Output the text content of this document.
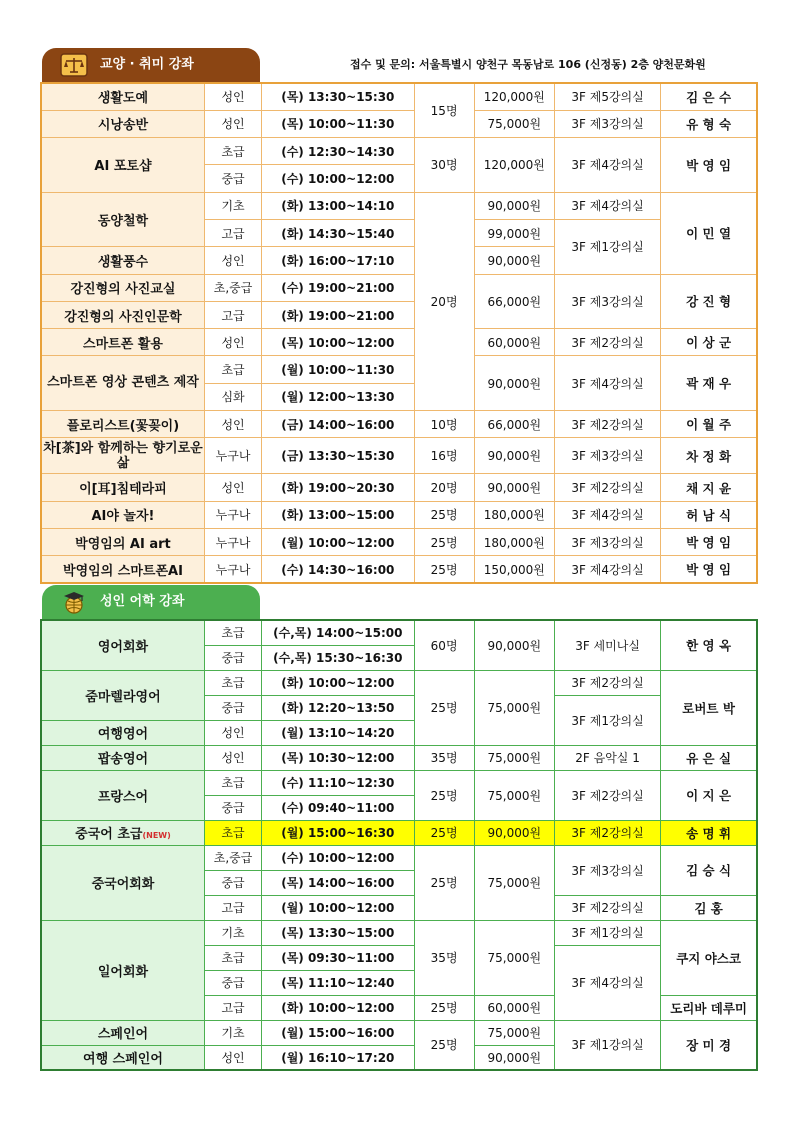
교양 · 취미 강좌	접수 및 문의: 서울특별시 양천구 목동남로 106 (신정동) 2층 양천문화원
생활도예	성인	(목) 13:30~15:30	15명	120,000원	3F 제5강의실	김 은 수
시낭송반	성인	(목) 10:00~11:30		75,000원	3F 제3강의실	유 형 숙
AI 포토샵	초급	(수) 12:30~14:30	30명	120,000원	3F 제4강의실	박 영 임
	중급	(수) 10:00~12:00				
동양철학	기초	(화) 13:00~14:10	20명	90,000원	3F 제4강의실	이 민 열
	고급	(화) 14:30~15:40		99,000원	3F 제1강의실	
생활풍수	성인	(화) 16:00~17:10		90,000원		
강진형의 사진교실	초,중급	(수) 19:00~21:00		66,000원	3F 제3강의실	강 진 형
강진형의 사진인문학	고급	(화) 19:00~21:00				
스마트폰 활용	성인	(목) 10:00~12:00		60,000원	3F 제2강의실	이 상 군
스마트폰 영상 콘텐츠 제작	초급	(월) 10:00~11:30		90,000원	3F 제4강의실	곽 재 우
	심화	(월) 12:00~13:30				
플로리스트(꽃꽂이)	성인	(금) 14:00~16:00	10명	66,000원	3F 제2강의실	이 월 주
차[茶]와 함께하는 향기로운 삶	누구나	(금) 13:30~15:30	16명	90,000원	3F 제3강의실	차 정 화
이[耳]침테라피	성인	(화) 19:00~20:30	20명	90,000원	3F 제2강의실	채 지 윤
AI야 놀자!	누구나	(화) 13:00~15:00	25명	180,000원	3F 제4강의실	허 남 식
박영임의 AI art	누구나	(월) 10:00~12:00	25명	180,000원	3F 제3강의실	박 영 임
박영임의 스마트폰AI	누구나	(수) 14:30~16:00	25명	150,000원	3F 제4강의실	박 영 임
성인 어학 강좌
영어회화	초급	(수,목) 14:00~15:00	60명	90,000원	3F 세미나실	한 영 옥
	중급	(수,목) 15:30~16:30				
줌마렐라영어	초급	(화) 10:00~12:00	25명	75,000원	3F 제2강의실	로버트 박
	중급	(화) 12:20~13:50			3F 제1강의실	
여행영어	성인	(월) 13:10~14:20				
팝송영어	성인	(목) 10:30~12:00	35명	75,000원	2F 음악실 1	유 은 실
프랑스어	초급	(수) 11:10~12:30	25명	75,000원	3F 제2강의실	이 지 은
	중급	(수) 09:40~11:00				
중국어 초급(NEW)	초급	(월) 15:00~16:30	25명	90,000원	3F 제2강의실	송 명 휘
중국어회화	초,중급	(수) 10:00~12:00	25명	75,000원	3F 제3강의실	김 승 식
	중급	(목) 14:00~16:00				
	고급	(월) 10:00~12:00			3F 제2강의실	김 홍
일어회화	기초	(목) 13:30~15:00	35명	75,000원	3F 제1강의실	쿠지 야스코
	초급	(목) 09:30~11:00			3F 제4강의실	
	중급	(목) 11:10~12:40				
	고급	(화) 10:00~12:00	25명	60,000원		도리바 데루미
스페인어	기초	(월) 15:00~16:00	25명	75,000원	3F 제1강의실	장 미 경
여행 스페인어	성인	(월) 16:10~17:20		90,000원		
